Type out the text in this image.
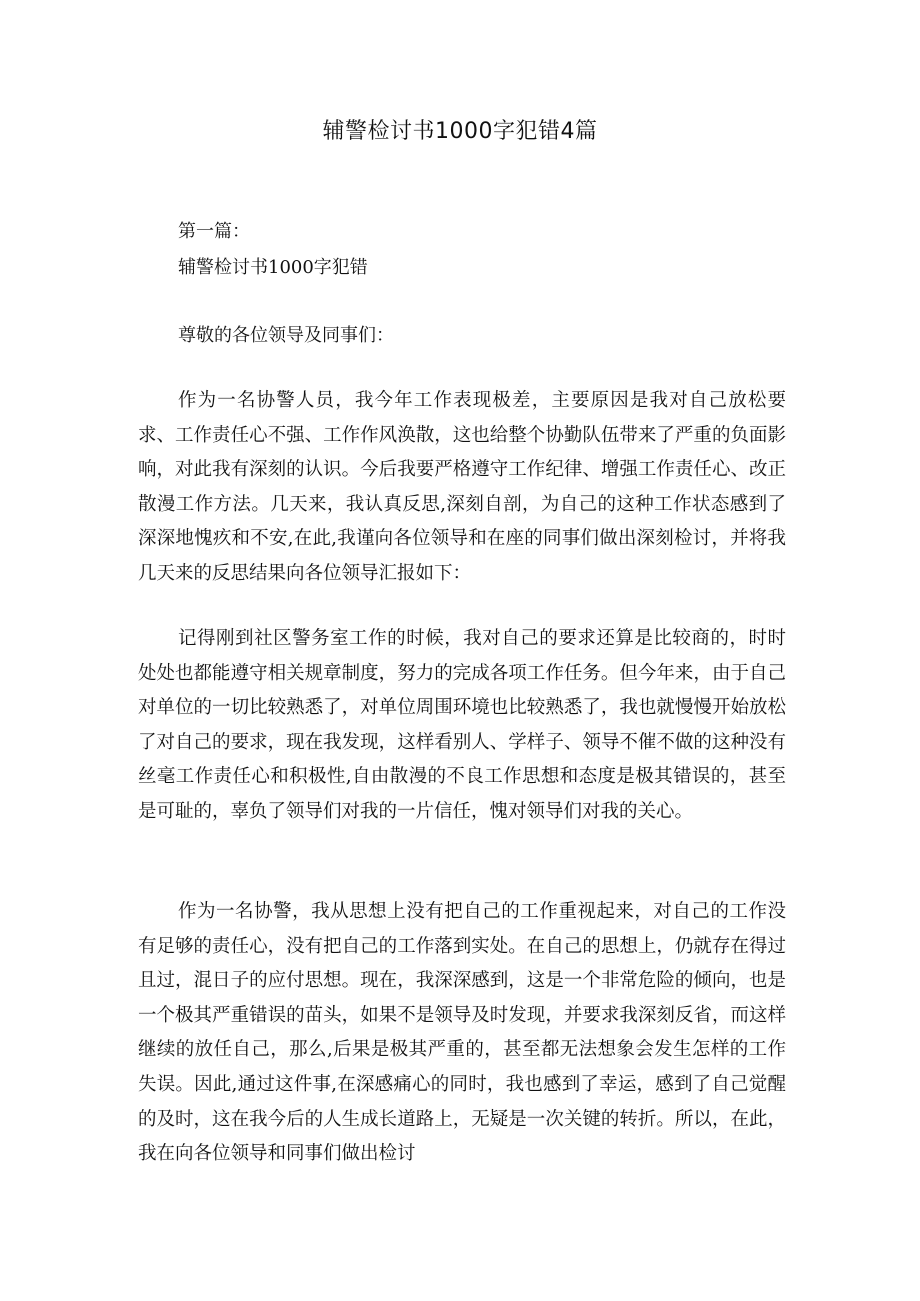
辅警检讨书1000字犯错4篇
第一篇：
辅警检讨书1000字犯错
尊敬的各位领导及同事们：

作为一名协警人员，我今年工作表现极差，主要原因是我对自己放松要求、工作责任心不强、工作作风涣散，这也给整个协勤队伍带来了严重的负面影响，对此我有深刻的认识。今后我要严格遵守工作纪律、增强工作责任心、改正散漫工作方法。几天来，我认真反思,深刻自剖，为自己的这种工作状态感到了深深地愧疚和不安,在此,我谨向各位领导和在座的同事们做出深刻检讨，并将我几天来的反思结果向各位领导汇报如下：

记得刚到社区警务室工作的时候，我对自己的要求还算是比较商的，时时处处也都能遵守相关规章制度，努力的完成各项工作任务。但今年来，由于自己对单位的一切比较熟悉了，对单位周围环境也比较熟悉了，我也就慢慢开始放松了对自己的要求，现在我发现，这样看别人、学样子、领导不催不做的这种没有丝毫工作责任心和积极性,自由散漫的不良工作思想和态度是极其错误的，甚至是可耻的，辜负了领导们对我的一片信任，愧对领导们对我的关心。

作为一名协警，我从思想上没有把自己的工作重视起来，对自己的工作没有足够的责任心，没有把自己的工作落到实处。在自己的思想上，仍就存在得过且过，混日子的应付思想。现在，我深深感到，这是一个非常危险的倾向，也是一个极其严重错误的苗头，如果不是领导及时发现，并要求我深刻反省，而这样继续的放任自己，那么,后果是极其严重的，甚至都无法想象会发生怎样的工作失误。因此,通过这件事,在深感痛心的同时，我也感到了幸运，感到了自己觉醒的及时，这在我今后的人生成长道路上，无疑是一次关键的转折。所以，在此，我在向各位领导和同事们做出检讨
